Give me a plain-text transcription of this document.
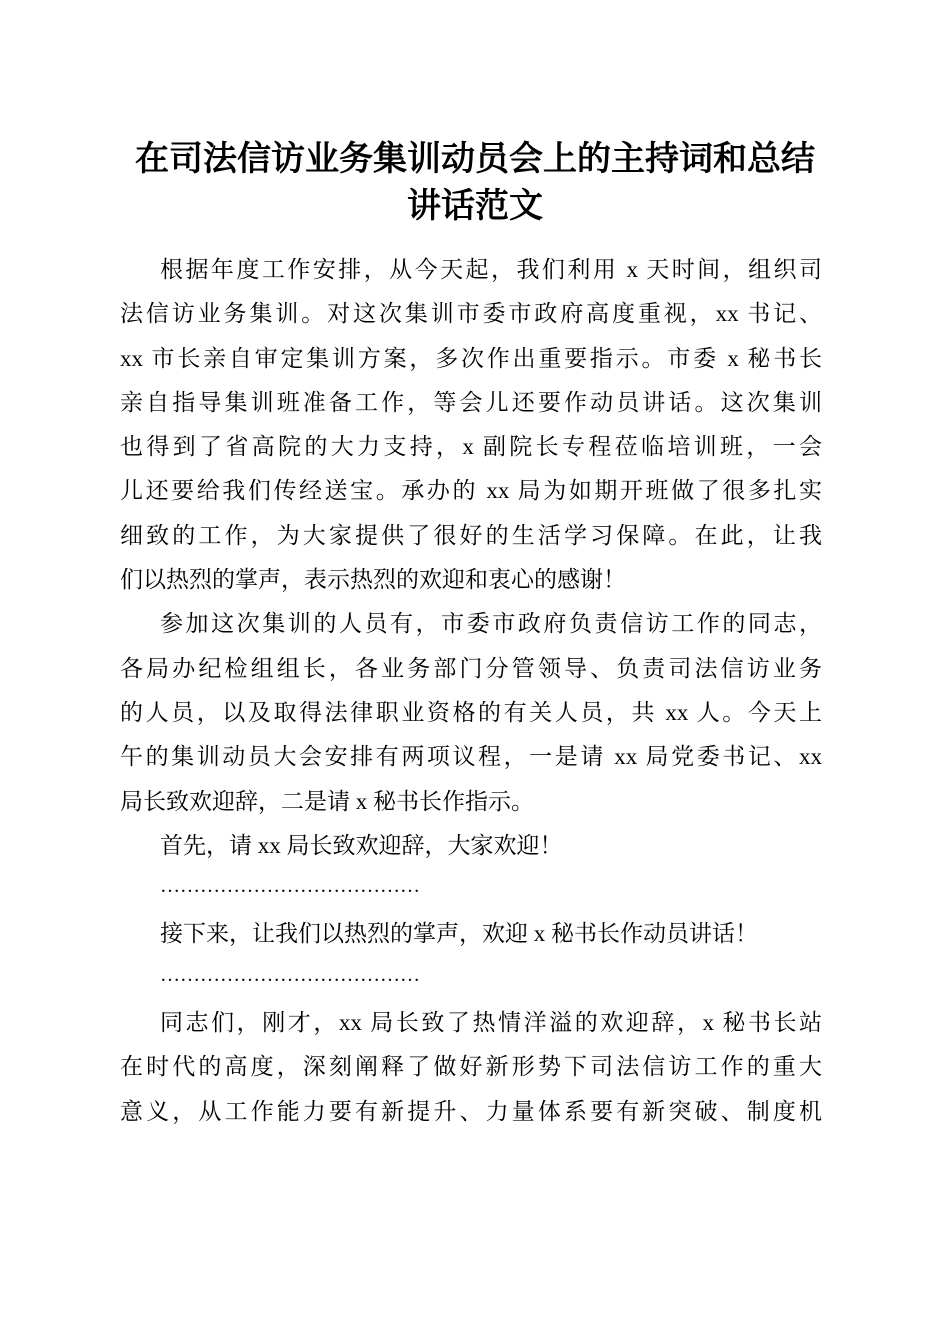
在司法信访业务集训动员会上的主持词和总结
讲话范文
根据年度工作安排，从今天起，我们利用 x 天时间，组织司
法信访业务集训。对这次集训市委市政府高度重视，xx 书记、
xx 市长亲自审定集训方案，多次作出重要指示。市委 x 秘书长
亲自指导集训班准备工作，等会儿还要作动员讲话。这次集训
也得到了省高院的大力支持，x 副院长专程莅临培训班，一会
儿还要给我们传经送宝。承办的 xx 局为如期开班做了很多扎实
细致的工作，为大家提供了很好的生活学习保障。在此，让我
们以热烈的掌声，表示热烈的欢迎和衷心的感谢！
参加这次集训的人员有，市委市政府负责信访工作的同志，
各局办纪检组组长，各业务部门分管领导、负责司法信访业务
的人员，以及取得法律职业资格的有关人员，共 xx 人。今天上
午的集训动员大会安排有两项议程，一是请 xx 局党委书记、xx
局长致欢迎辞，二是请 x 秘书长作指示。
首先，请 xx 局长致欢迎辞，大家欢迎！
…………………………………
接下来，让我们以热烈的掌声，欢迎 x 秘书长作动员讲话！
…………………………………
同志们，刚才，xx 局长致了热情洋溢的欢迎辞，x 秘书长站
在时代的高度，深刻阐释了做好新形势下司法信访工作的重大
意义，从工作能力要有新提升、力量体系要有新突破、制度机
